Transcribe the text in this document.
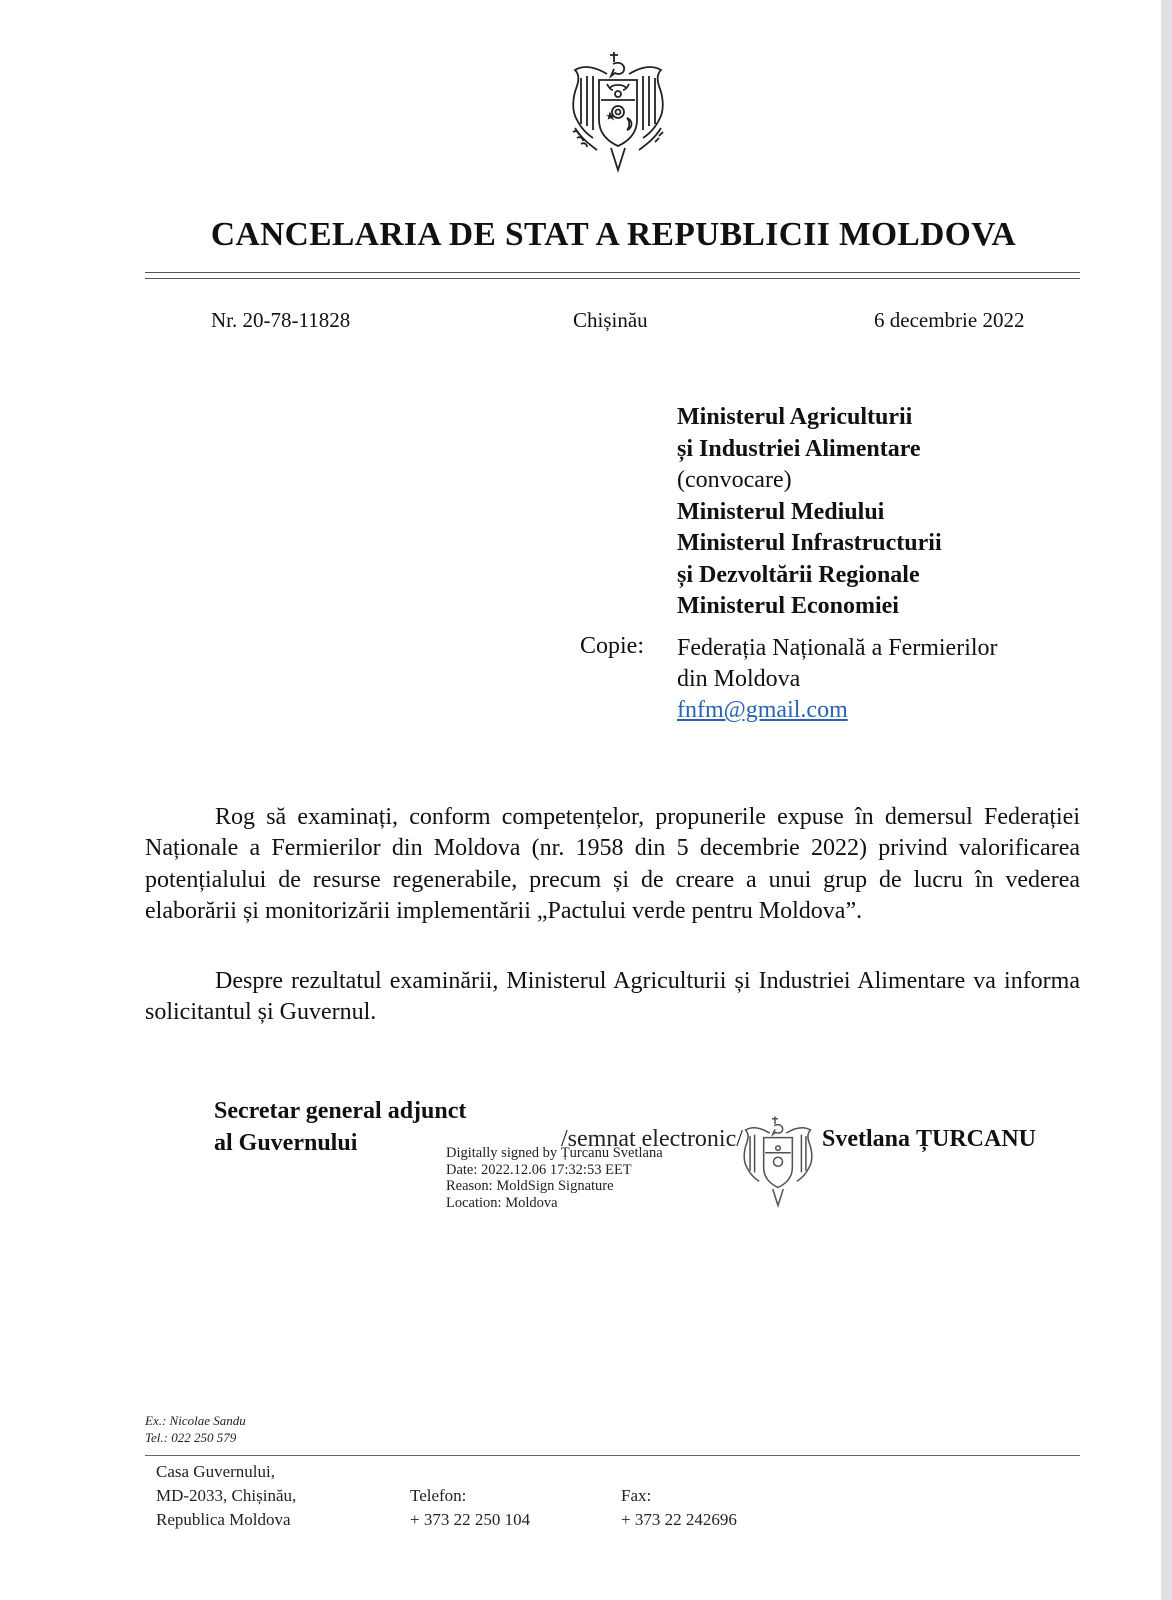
CANCELARIA DE STAT A REPUBLICII MOLDOVA
Nr. 20-78-11828	Chișinău	6 decembrie 2022
Ministerul Agriculturii
și Industriei Alimentare
(convocare)
Ministerul Mediului
Ministerul Infrastructurii
și Dezvoltării Regionale
Ministerul Economiei
Copie: Federația Națională a Fermierilor
din Moldova
fnfm@gmail.com
Rog să examinați, conform competențelor, propunerile expuse în demersul Federației Naționale a Fermierilor din Moldova (nr. 1958 din 5 decembrie 2022) privind valorificarea potențialului de resurse regenerabile, precum și de creare a unui grup de lucru în vederea elaborării și monitorizării implementării „Pactului verde pentru Moldova”.
Despre rezultatul examinării, Ministerul Agriculturii și Industriei Alimentare va informa solicitantul și Guvernul.
Secretar general adjunct
al Guvernului	/semnat electronic/
Digitally signed by Țurcanu Svetlana
Date: 2022.12.06 17:32:53 EET
Reason: MoldSign Signature
Location: Moldova
Svetlana ȚURCANU
Ex.: Nicolae Sandu
Tel.: 022 250 579
Casa Guvernului,
MD-2033, Chișinău,
Republica Moldova
Telefon:
+ 373 22 250 104
Fax:
+ 373 22 242696
